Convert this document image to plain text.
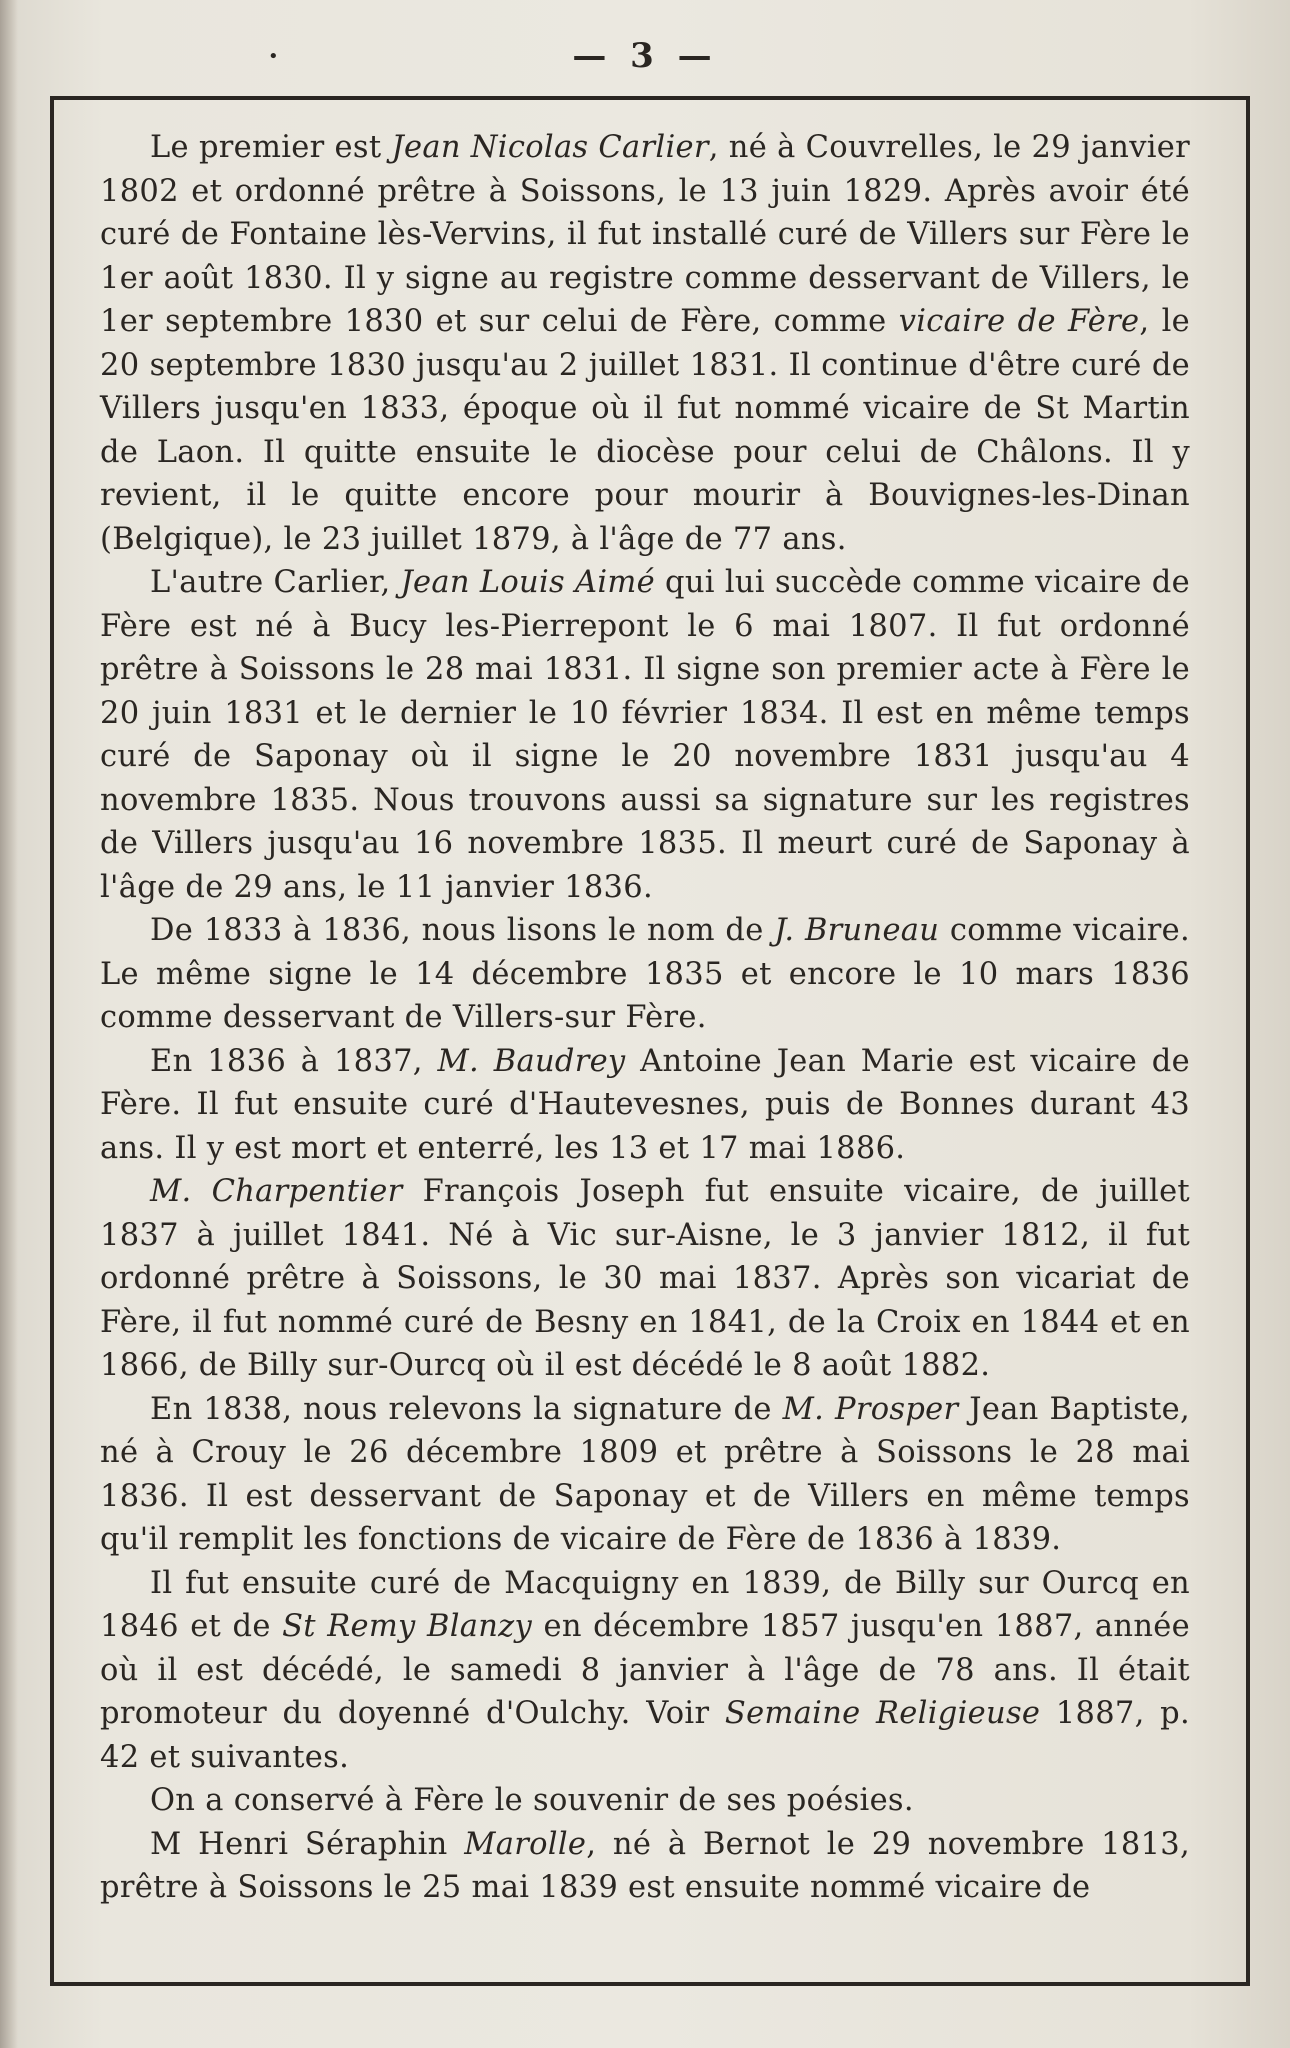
•	— 3 —

Le premier est Jean Nicolas Carlier, né à Couvrelles, le 29 janvier 1802 et ordonné prêtre à Soissons, le 13 juin 1829. Après avoir été curé de Fontaine lès-Vervins, il fut installé curé de Villers sur Fère le 1er août 1830. Il y signe au registre comme desservant de Villers, le 1er septembre 1830 et sur celui de Fère, comme vicaire de Fère, le 20 septembre 1830 jusqu'au 2 juillet 1831. Il continue d'être curé de Villers jusqu'en 1833, époque où il fut nommé vicaire de St Martin de Laon. Il quitte ensuite le diocèse pour celui de Châlons. Il y revient, il le quitte encore pour mourir à Bouvignes-les-Dinan (Belgique), le 23 juillet 1879, à l'âge de 77 ans.

L'autre Carlier, Jean Louis Aimé qui lui succède comme vicaire de Fère est né à Bucy les-Pierrepont le 6 mai 1807. Il fut ordonné prêtre à Soissons le 28 mai 1831. Il signe son premier acte à Fère le 20 juin 1831 et le dernier le 10 février 1834. Il est en même temps curé de Saponay où il signe le 20 novembre 1831 jusqu'au 4 novembre 1835. Nous trouvons aussi sa signature sur les registres de Villers jusqu'au 16 novembre 1835. Il meurt curé de Saponay à l'âge de 29 ans, le 11 janvier 1836.

De 1833 à 1836, nous lisons le nom de J. Bruneau comme vicaire. Le même signe le 14 décembre 1835 et encore le 10 mars 1836 comme desservant de Villers-sur Fère.

En 1836 à 1837, M. Baudrey Antoine Jean Marie est vicaire de Fère. Il fut ensuite curé d'Hautevesnes, puis de Bonnes durant 43 ans. Il y est mort et enterré, les 13 et 17 mai 1886.

M. Charpentier François Joseph fut ensuite vicaire, de juillet 1837 à juillet 1841. Né à Vic sur-Aisne, le 3 janvier 1812, il fut ordonné prêtre à Soissons, le 30 mai 1837. Après son vicariat de Fère, il fut nommé curé de Besny en 1841, de la Croix en 1844 et en 1866, de Billy sur-Ourcq où il est décédé le 8 août 1882.

En 1838, nous relevons la signature de M. Prosper Jean Baptiste, né à Crouy le 26 décembre 1809 et prêtre à Soissons le 28 mai 1836. Il est desservant de Saponay et de Villers en même temps qu'il remplit les fonctions de vicaire de Fère de 1836 à 1839.

Il fut ensuite curé de Macquigny en 1839, de Billy sur Ourcq en 1846 et de St Remy Blanzy en décembre 1857 jusqu'en 1887, année où il est décédé, le samedi 8 janvier à l'âge de 78 ans. Il était promoteur du doyenné d'Oulchy. Voir Semaine Religieuse 1887, p. 42 et suivantes.

On a conservé à Fère le souvenir de ses poésies.

M Henri Séraphin Marolle, né à Bernot le 29 novembre 1813, prêtre à Soissons le 25 mai 1839 est ensuite nommé vicaire de
